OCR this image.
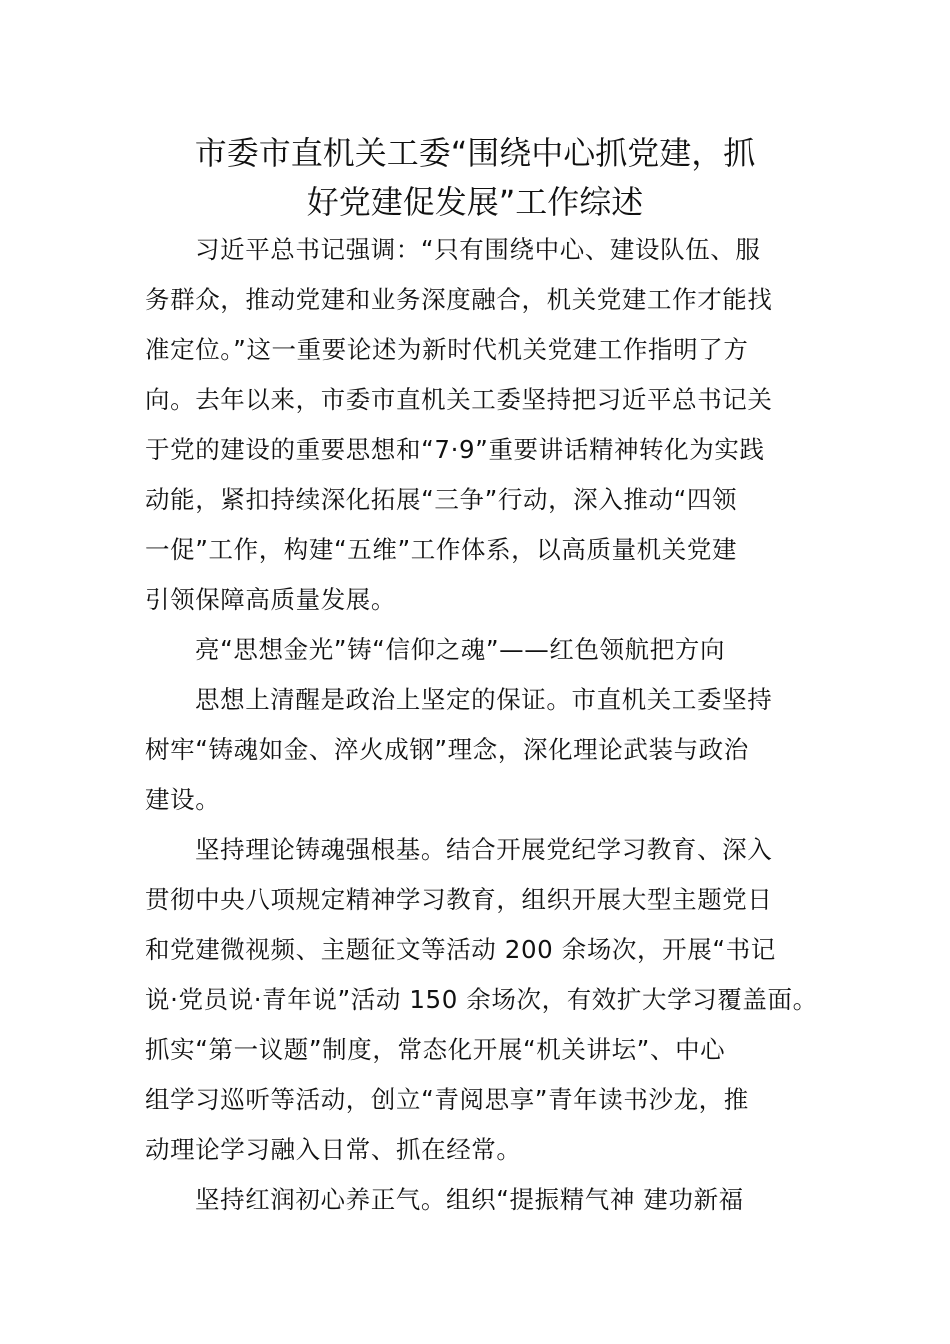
市委市直机关工委“围绕中心抓党建，抓
好党建促发展”工作综述
习近平总书记强调：“只有围绕中心、建设队伍、服
务群众，推动党建和业务深度融合，机关党建工作才能找
准定位。”这一重要论述为新时代机关党建工作指明了方
向。去年以来，市委市直机关工委坚持把习近平总书记关
于党的建设的重要思想和“7·9”重要讲话精神转化为实践
动能，紧扣持续深化拓展“三争”行动，深入推动“四领
一促”工作，构建“五维”工作体系，以高质量机关党建
引领保障高质量发展。
亮“思想金光”铸“信仰之魂”——红色领航把方向
思想上清醒是政治上坚定的保证。市直机关工委坚持
树牢“铸魂如金、淬火成钢”理念，深化理论武装与政治
建设。
坚持理论铸魂强根基。结合开展党纪学习教育、深入
贯彻中央八项规定精神学习教育，组织开展大型主题党日
和党建微视频、主题征文等活动 200 余场次，开展“书记
说·党员说·青年说”活动 150 余场次，有效扩大学习覆盖面。
抓实“第一议题”制度，常态化开展“机关讲坛”、中心
组学习巡听等活动，创立“青阅思享”青年读书沙龙，推
动理论学习融入日常、抓在经常。
坚持红润初心养正气。组织“提振精气神 建功新福
